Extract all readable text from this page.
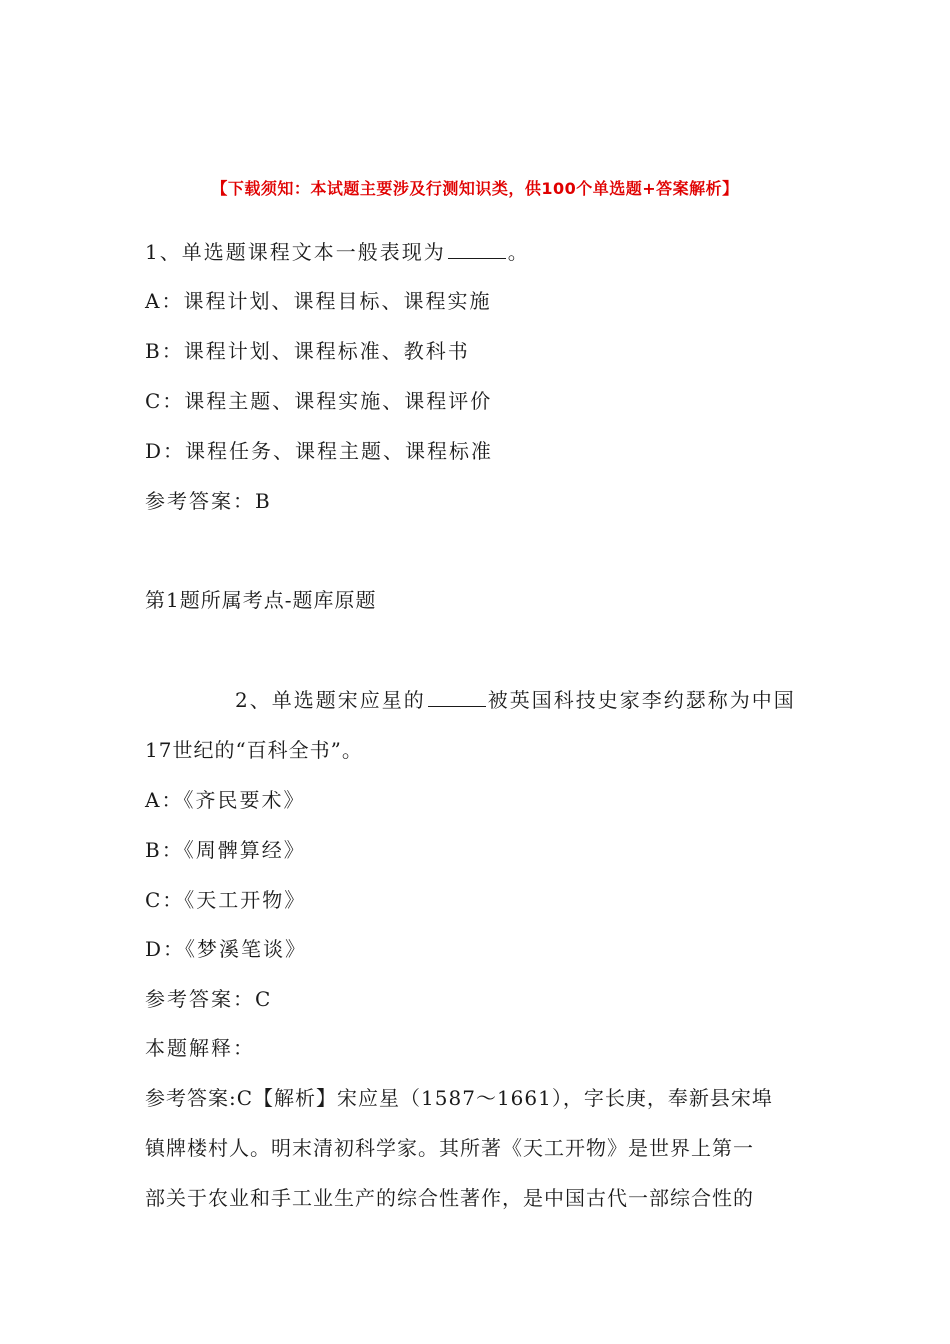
【下载须知：本试题主要涉及行测知识类，供100个单选题+答案解析】
1、单选题课程文本一般表现为	。
A：课程计划、课程目标、课程实施
B：课程计划、课程标准、教科书
C：课程主题、课程实施、课程评价
D：课程任务、课程主题、课程标准
参考答案：B
第1题所属考点-题库原题
2、单选题宋应星的	被英国科技史家李约瑟称为中国
17世纪的“百科全书”。
A：《齐民要术》
B：《周髀算经》
C：《天工开物》
D：《梦溪笔谈》
参考答案：C
本题解释：
参考答案:C【解析】宋应星（1587～1661），字长庚，奉新县宋埠
镇牌楼村人。明末清初科学家。其所著《天工开物》是世界上第一
部关于农业和手工业生产的综合性著作，是中国古代一部综合性的
